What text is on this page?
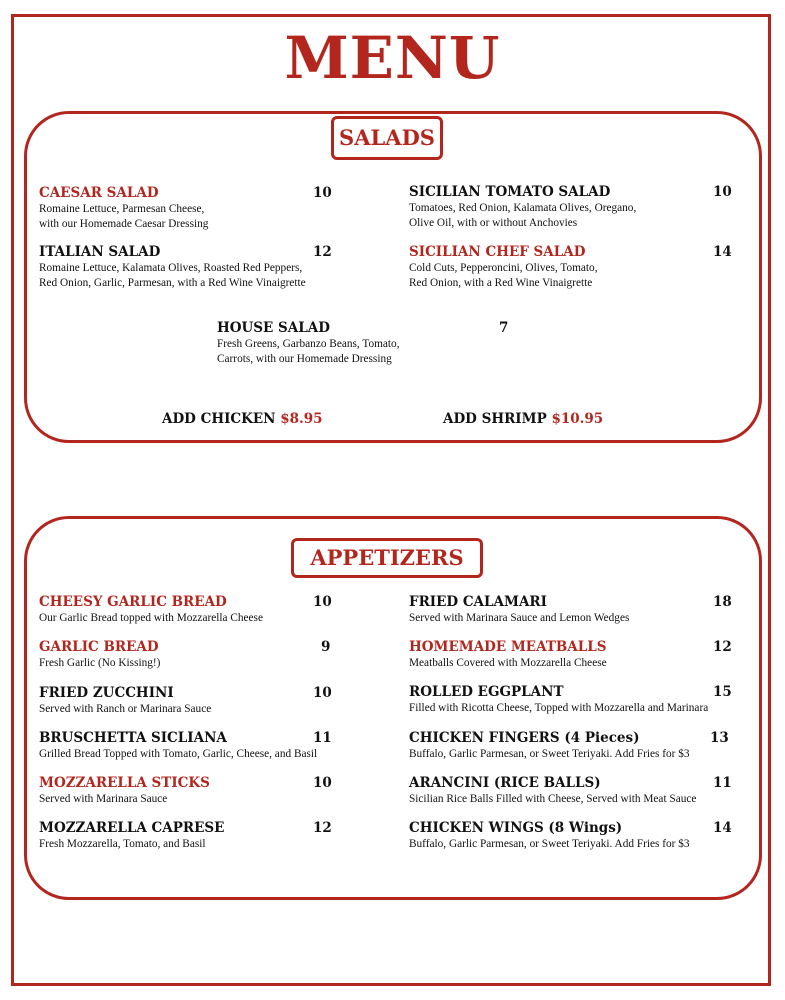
MENU
SALADS
CAESAR SALAD	10
Romaine Lettuce, Parmesan Cheese,
with our Homemade Caesar Dressing
ITALIAN SALAD	12
Romaine Lettuce, Kalamata Olives, Roasted Red Peppers,
Red Onion, Garlic, Parmesan, with a Red Wine Vinaigrette
SICILIAN TOMATO SALAD	10
Tomatoes, Red Onion, Kalamata Olives, Oregano,
Olive Oil, with or without Anchovies
SICILIAN CHEF SALAD	14
Cold Cuts, Pepperoncini, Olives, Tomato,
Red Onion, with a Red Wine Vinaigrette
HOUSE SALAD	7
Fresh Greens, Garbanzo Beans, Tomato,
Carrots, with our Homemade Dressing
ADD CHICKEN $8.95	ADD SHRIMP $10.95
APPETIZERS
CHEESY GARLIC BREAD	10
Our Garlic Bread topped with Mozzarella Cheese
GARLIC BREAD	9
Fresh Garlic (No Kissing!)
FRIED ZUCCHINI	10
Served with Ranch or Marinara Sauce
BRUSCHETTA SICLIANA	11
Grilled Bread Topped with Tomato, Garlic, Cheese, and Basil
MOZZARELLA STICKS	10
Served with Marinara Sauce
MOZZARELLA CAPRESE	12
Fresh Mozzarella, Tomato, and Basil
FRIED CALAMARI	18
Served with Marinara Sauce and Lemon Wedges
HOMEMADE MEATBALLS	12
Meatballs Covered with Mozzarella Cheese
ROLLED EGGPLANT	15
Filled with Ricotta Cheese, Topped with Mozzarella and Marinara
CHICKEN FINGERS (4 Pieces)	13
Buffalo, Garlic Parmesan, or Sweet Teriyaki. Add Fries for $3
ARANCINI (RICE BALLS)	11
Sicilian Rice Balls Filled with Cheese, Served with Meat Sauce
CHICKEN WINGS (8 Wings)	14
Buffalo, Garlic Parmesan, or Sweet Teriyaki. Add Fries for $3
